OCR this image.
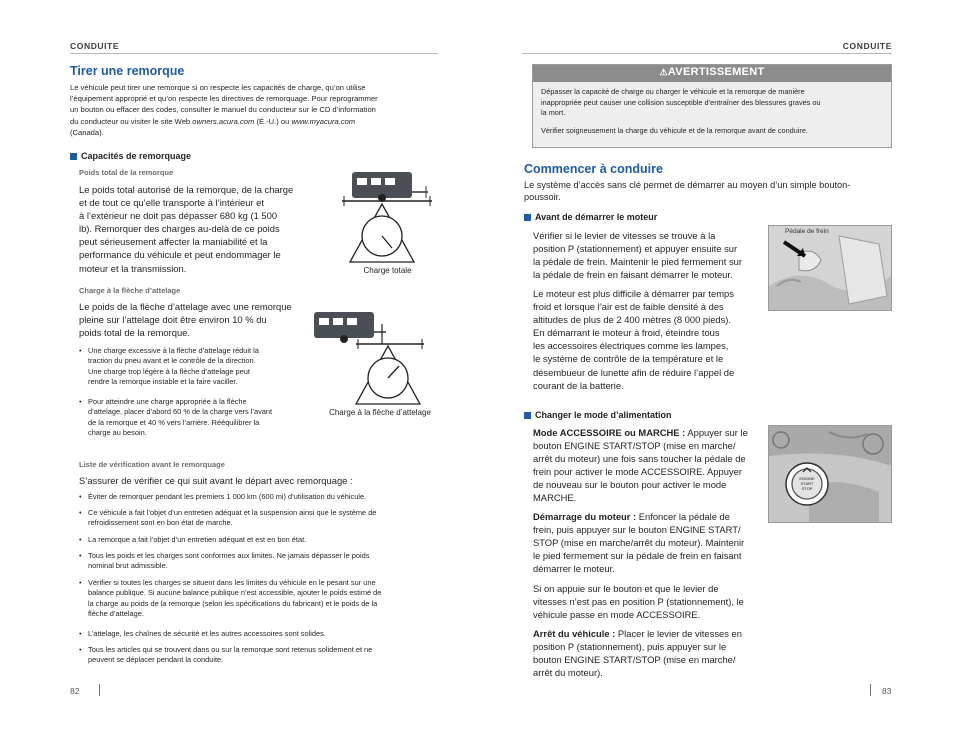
CONDUITE
Tirer une remorque
Le véhicule peut tirer une remorque si on respecte les capacités de charge, qu’on utilise
l’équipement approprié et qu’on respecte les directives de remorquage. Pour reprogrammer
un bouton ou effacer des codes, consulter le manuel du conducteur sur le CD d’information
du conducteur ou visiter le site Web owners.acura.com (É.-U.) ou www.myacura.com
(Canada).
Capacités de remorquage
Poids total de la remorque
Le poids total autorisé de la remorque, de la charge
et de tout ce qu’elle transporte à l’intérieur et
à l’extérieur ne doit pas dépasser 680 kg (1 500
lb). Remorquer des charges au-delà de ce poids
peut sérieusement affecter la maniabilité et la
performance du véhicule et peut endommager le
moteur et la transmission.	Charge totale
Charge à la flèche d’attelage
Le poids de la flèche d’attelage avec une remorque
pleine sur l’attelage doit être environ 10 % du
poids total de la remorque.
• Une charge excessive à la flèche d’attelage réduit la
traction du pneu avant et le contrôle de la direction.
Une charge trop légère à la flèche d’attelage peut
rendre la remorque instable et la faire vaciller.
• Pour atteindre une charge appropriée à la flèche
d’attelage, placer d’abord 60 % de la charge vers l’avant
de la remorque et 40 % vers l’arrière. Rééquilibrer la
charge au besoin.
Charge à la flèche d’attelage
Liste de vérification avant le remorquage
S’assurer de vérifier ce qui suit avant le départ avec remorquage :
• Éviter de remorquer pendant les premiers 1 000 km (600 mi) d’utilisation du véhicule.
• Ce véhicule a fait l’objet d’un entretien adéquat et la suspension ainsi que le système de
refroidissement sont en bon état de marche.
• La remorque a fait l’objet d’un entretien adéquat et est en bon état.
• Tous les poids et les charges sont conformes aux limites. Ne jamais dépasser le poids
nominal brut admissible.
• Vérifier si toutes les charges se situent dans les limites du véhicule en le pesant sur une
balance publique. Si aucune balance publique n’est accessible, ajouter le poids estimé de
la charge au poids de la remorque (selon les spécifications du fabricant) et le poids de la
flèche d’attelage.
• L’attelage, les chaînes de sécurité et les autres accessoires sont solides.
• Tous les articles qui se trouvent dans ou sur la remorque sont retenus solidement et ne
peuvent se déplacer pendant la conduite.
82
CONDUITE
⚠AVERTISSEMENT
Dépasser la capacité de charge ou charger le véhicule et la remorque de manière
inappropriée peut causer une collision susceptible d’entraîner des blessures graves ou
la mort.
Vérifier soigneusement la charge du véhicule et de la remorque avant de conduire.
Commencer à conduire
Le système d’accès sans clé permet de démarrer au moyen d’un simple bouton-
poussoir.
Avant de démarrer le moteur
Vérifier si le levier de vitesses se trouve à la
position P (stationnement) et appuyer ensuite sur
la pédale de frein. Maintenir le pied fermement sur
la pédale de frein en faisant démarrer le moteur.
Le moteur est plus difficile à démarrer par temps
froid et lorsque l’air est de faible densité à des
altitudes de plus de 2 400 mètres (8 000 pieds).
En démarrant le moteur à froid, éteindre tous
les accessoires électriques comme les lampes,
le système de contrôle de la température et le
désembueur de lunette afin de réduire l’appel de
courant de la batterie.
Pédale de frein
Changer le mode d’alimentation
Mode ACCESSOIRE ou MARCHE : Appuyer sur le
bouton ENGINE START/STOP (mise en marche/
arrêt du moteur) une fois sans toucher la pédale de
frein pour activer le mode ACCESSOIRE. Appuyer
de nouveau sur le bouton pour activer le mode
MARCHE.
Démarrage du moteur : Enfoncer la pédale de
frein, puis appuyer sur le bouton ENGINE START/
STOP (mise en marche/arrêt du moteur). Maintenir
le pied fermement sur la pédale de frein en faisant
démarrer le moteur.
Si on appuie sur le bouton et que le levier de
vitesses n’est pas en position P (stationnement), le
véhicule passe en mode ACCESSOIRE.
Arrêt du véhicule : Placer le levier de vitesses en
position P (stationnement), puis appuyer sur le
bouton ENGINE START/STOP (mise en marche/
arrêt du moteur).
ENGINE
START
STOP
83
